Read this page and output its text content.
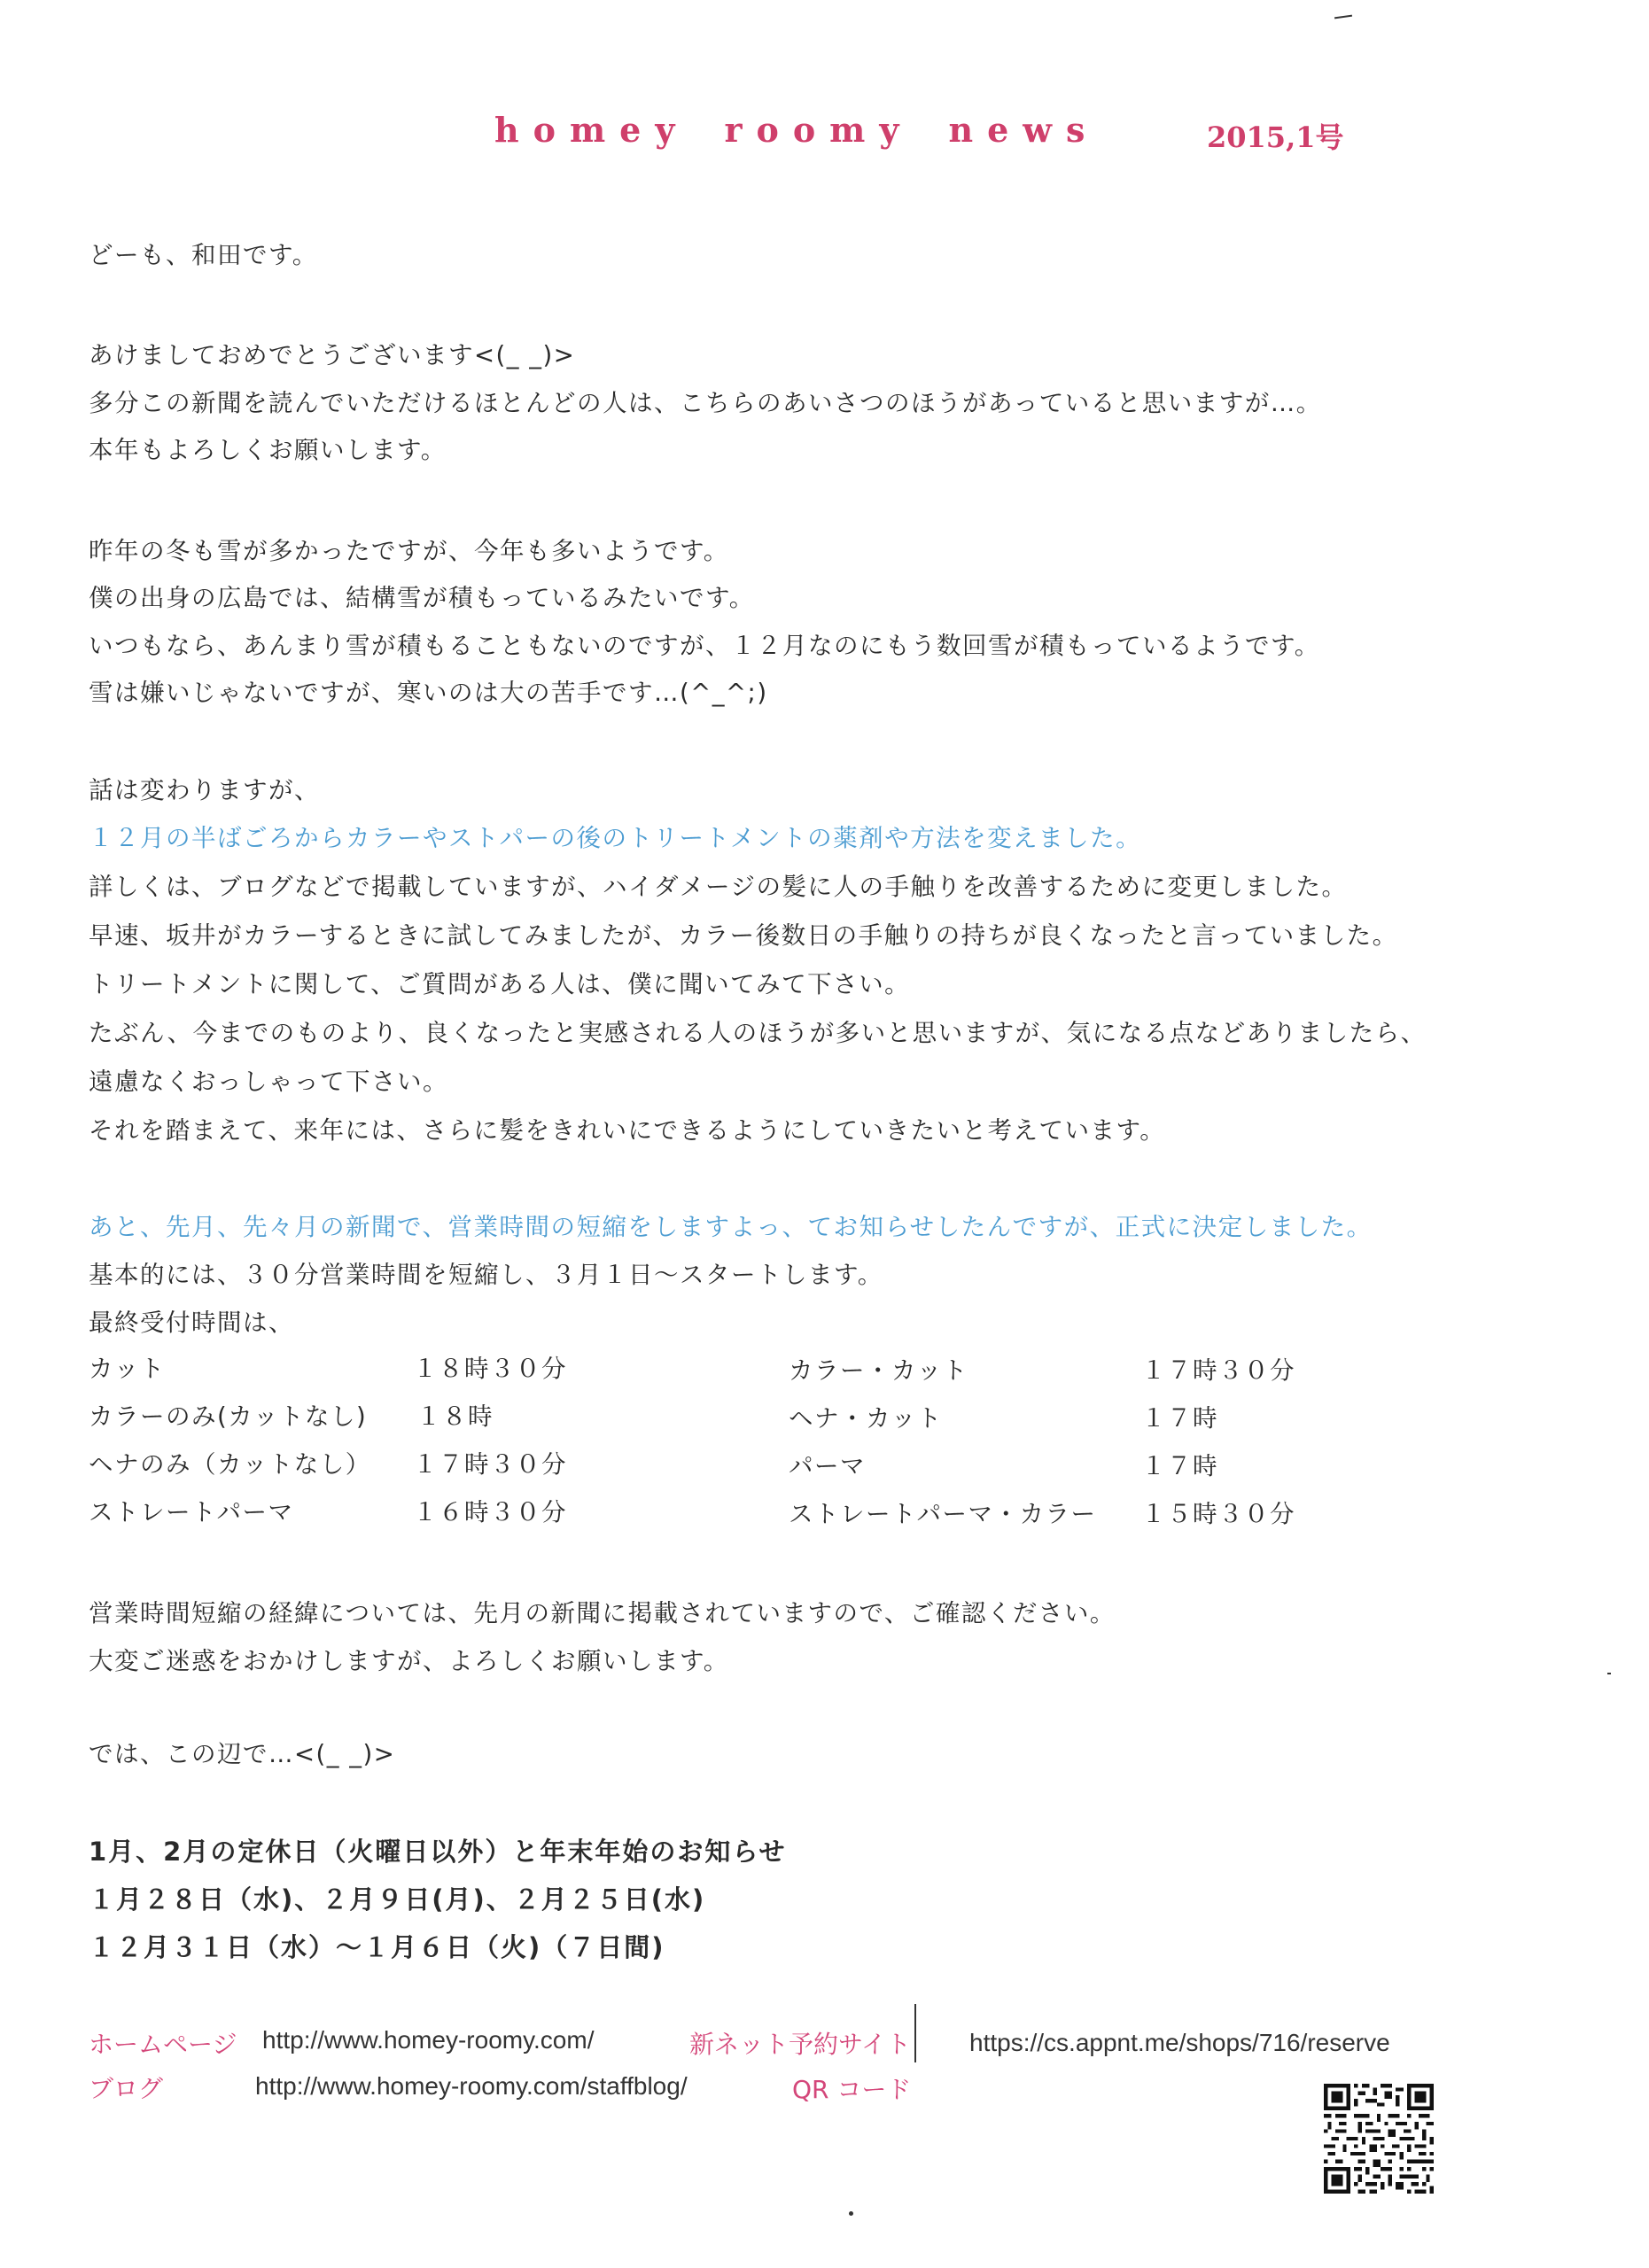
homey roomy news	2015,1号
どーも、和田です。
あけましておめでとうございます<(_ _)>
多分この新聞を読んでいただけるほとんどの人は、こちらのあいさつのほうがあっていると思いますが…。
本年もよろしくお願いします。
昨年の冬も雪が多かったですが、今年も多いようです。
僕の出身の広島では、結構雪が積もっているみたいです。
いつもなら、あんまり雪が積もることもないのですが、１２月なのにもう数回雪が積もっているようです。
雪は嫌いじゃないですが、寒いのは大の苦手です…(^_^;)
話は変わりますが、
１２月の半ばごろからカラーやストパーの後のトリートメントの薬剤や方法を変えました。
詳しくは、ブログなどで掲載していますが、ハイダメージの髪に人の手触りを改善するために変更しました。
早速、坂井がカラーするときに試してみましたが、カラー後数日の手触りの持ちが良くなったと言っていました。
トリートメントに関して、ご質問がある人は、僕に聞いてみて下さい。
たぶん、今までのものより、良くなったと実感される人のほうが多いと思いますが、気になる点などありましたら、
遠慮なくおっしゃって下さい。
それを踏まえて、来年には、さらに髪をきれいにできるようにしていきたいと考えています。
あと、先月、先々月の新聞で、営業時間の短縮をしますよっ、てお知らせしたんですが、正式に決定しました。
基本的には、３０分営業時間を短縮し、３月１日～スタートします。
最終受付時間は、
カット	１８時３０分
カラーのみ(カットなし) １８時
ヘナのみ（カットなし） １７時３０分
ストレートパーマ	１６時３０分
カラー・カット	１７時３０分
ヘナ・カット	１７時
パーマ	１７時
ストレートパーマ・カラー １５時３０分
営業時間短縮の経緯については、先月の新聞に掲載されていますので、ご確認ください。
大変ご迷惑をおかけしますが、よろしくお願いします。
では、この辺で…<(_ _)>
1月、2月の定休日（火曜日以外）と年末年始のお知らせ
１月２８日（水)、２月９日(月)、２月２５日(水)
１２月３１日（水）～１月６日（火)（７日間)
ホームページ http://www.homey-roomy.com/	新ネット予約サイト https://cs.appnt.me/shops/716/reserve
ブログ	http://www.homey-roomy.com/staffblog/	QR コード
